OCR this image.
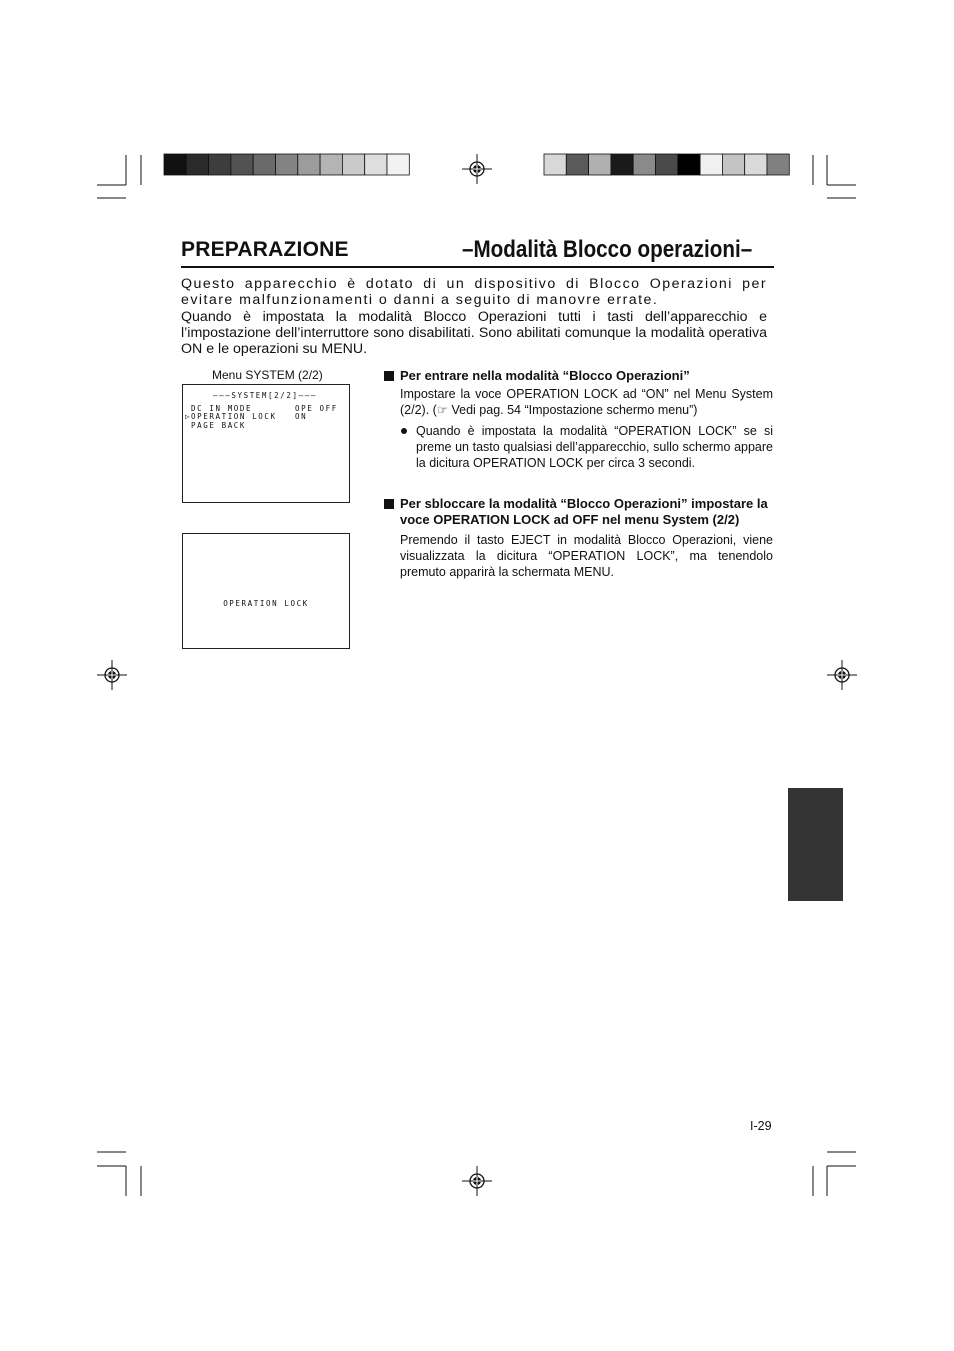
PREPARAZIONE	–Modalità Blocco operazioni–

Questo apparecchio è dotato di un dispositivo di Blocco Operazioni per evitare malfunzionamenti o danni a seguito di manovre errate.

Quando è impostata la modalità Blocco Operazioni tutti i tasti dell’apparecchio e l’impostazione dell’interruttore sono disabilitati. Sono abilitati comunque la modalità operativa ON e le operazioni su MENU.

Menu SYSTEM (2/2)
–––SYSTEM[2/2]–––
DC IN MODE	OPE OFF
▷ OPERATION LOCK ON
PAGE BACK
OPERATION LOCK
Per entrare nella modalità “Blocco Operazioni”

Impostare la voce OPERATION LOCK ad “ON” nel Menu System (2/2). (☞ Vedi pag. 54 “Impostazione schermo menu”)

Quando è impostata la modalità “OPERATION LOCK” se si preme un tasto qualsiasi dell’apparecchio, sullo schermo appare la dicitura OPERATION LOCK per circa 3 secondi.
Per sbloccare la modalità “Blocco Operazioni” impostare la voce OPERATION LOCK ad OFF nel menu System (2/2)

Premendo il tasto EJECT in modalità Blocco Operazioni, viene visualizzata la dicitura “OPERATION LOCK”, ma tenendolo premuto apparirà la schermata MENU.

I-29
